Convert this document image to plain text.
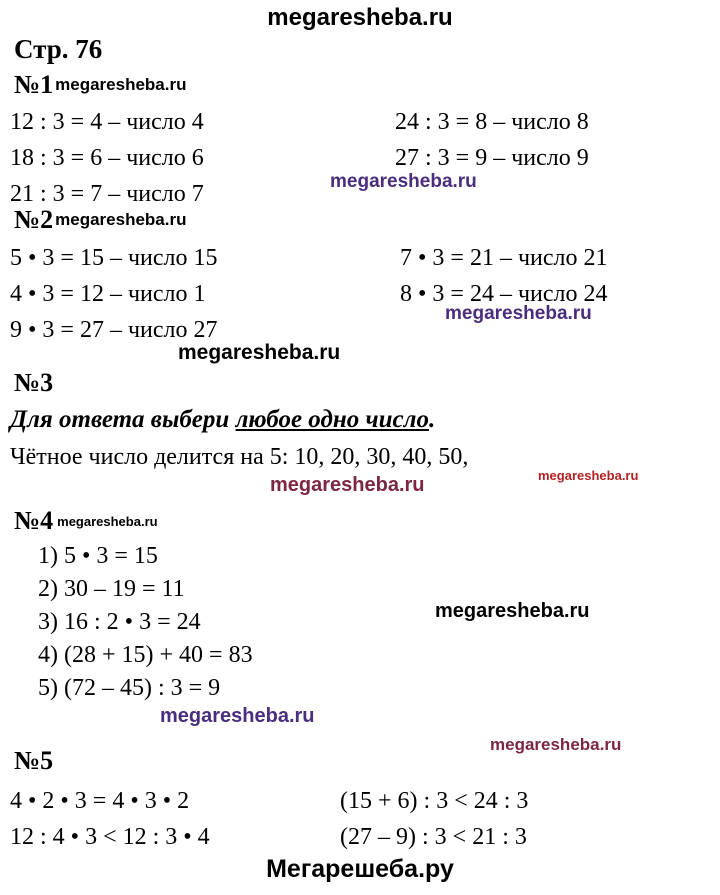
megaresheba.ru
Стр. 76
№1 megaresheba.ru
12 : 3 = 4 – число 4
18 : 3 = 6 – число 6
21 : 3 = 7 – число 7
24 : 3 = 8 – число 8
27 : 3 = 9 – число 9
megaresheba.ru
№2 megaresheba.ru
5 • 3 = 15 – число 15
4 • 3 = 12 – число 1
9 • 3 = 27 – число 27
7 • 3 = 21 – число 21
8 • 3 = 24 – число 24
megaresheba.ru
megaresheba.ru
№3
Для ответа выбери любое одно число.
Чётное число делится на 5: 10, 20, 30, 40, 50,
megaresheba.ru
megaresheba.ru
№4 megaresheba.ru
1) 5 • 3 = 15
2) 30 – 19 = 11
3) 16 : 2 • 3 = 24
4) (28 + 15) + 40 = 83
5) (72 – 45) : 3 = 9
megaresheba.ru
megaresheba.ru
megaresheba.ru
№5
4 • 2 • 3 = 4 • 3 • 2
12 : 4 • 3 < 12 : 3 • 4
(15 + 6) : 3 < 24 : 3
(27 – 9) : 3 < 21 : 3
Мегарешеба.ру
